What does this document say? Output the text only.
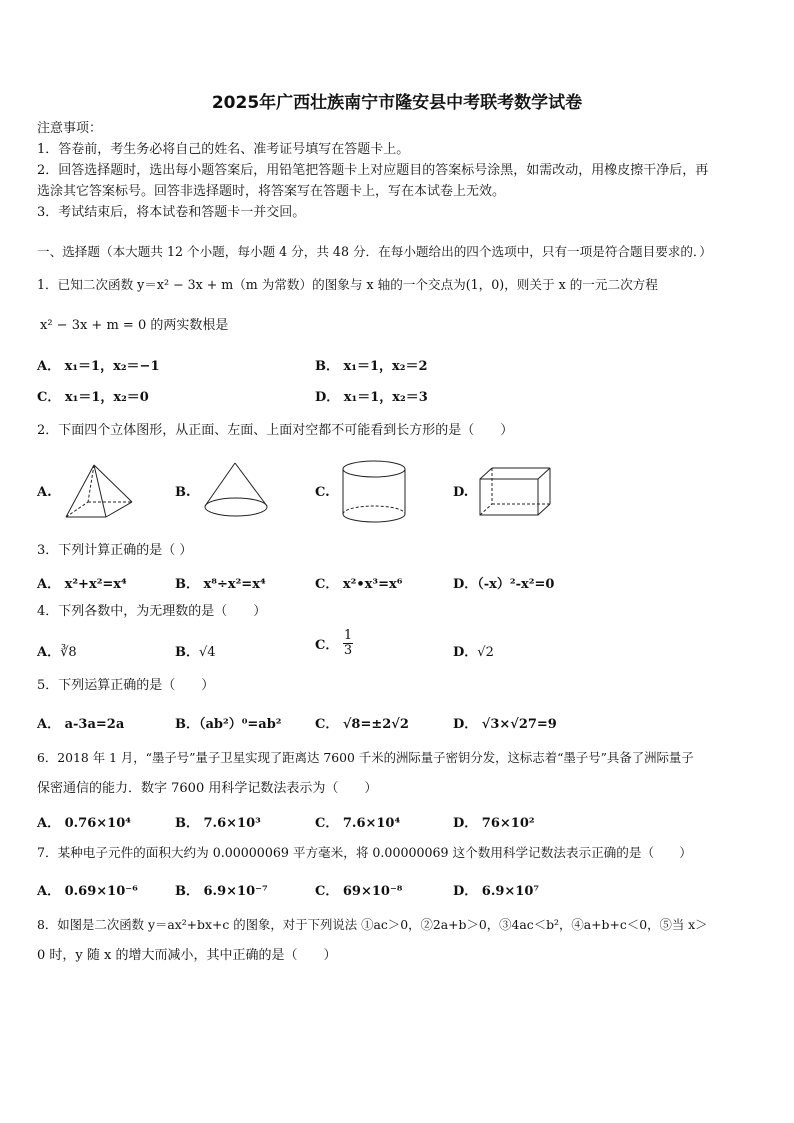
2025年广西壮族南宁市隆安县中考联考数学试卷
注意事项：
1．答卷前，考生务必将自己的姓名、准考证号填写在答题卡上。
2．回答选择题时，选出每小题答案后，用铅笔把答题卡上对应题目的答案标号涂黑，如需改动，用橡皮擦干净后，再
选涂其它答案标号。回答非选择题时，将答案写在答题卡上，写在本试卷上无效。
3．考试结束后，将本试卷和答题卡一并交回。
一、选择题（本大题共 12 个小题，每小题 4 分，共 48 分．在每小题给出的四个选项中，只有一项是符合题目要求的．）
1．已知二次函数 y＝x² − 3x + m（m 为常数）的图象与 x 轴的一个交点为(1，0)，则关于 x 的一元二次方程
x² − 3x + m = 0 的两实数根是
A． x₁＝1，x₂＝−1	B． x₁＝1，x₂＝2
C． x₁＝1，x₂＝0	D． x₁＝1，x₂＝3
2．下面四个立体图形，从正面、左面、上面对空都不可能看到长方形的是（　　）
A.	B.	C.	D.
3．下列计算正确的是（ ）
A． x²+x²=x⁴	B． x⁸÷x²=x⁴	C． x²•x³=x⁶	D．（-x）²-x²=0
4．下列各数中，为无理数的是（　　）
A．∛8	B．√4	C． $\frac{1}{3}$	D．√2
5．下列运算正确的是（　　）
A． a-3a=2a	B．（ab²）⁰=ab²	C． √8=±2√2	D． √3×√27=9
6．2018 年 1 月，“墨子号”量子卫星实现了距离达 7600 千米的洲际量子密钥分发，这标志着“墨子号”具备了洲际量子
保密通信的能力．数字 7600 用科学记数法表示为（　　）
A． 0.76×10⁴	B． 7.6×10³	C． 7.6×10⁴	D． 76×10²
7．某种电子元件的面积大约为 0.00000069 平方毫米，将 0.00000069 这个数用科学记数法表示正确的是（　　）
A． 0.69×10⁻⁶	B． 6.9×10⁻⁷	C． 69×10⁻⁸	D． 6.9×10⁷
8．如图是二次函数 y＝ax²+bx+c 的图象，对于下列说法 ①ac＞0，②2a+b＞0，③4ac＜b²，④a+b+c＜0，⑤当 x＞
0 时，y 随 x 的增大而减小，其中正确的是（　　）
